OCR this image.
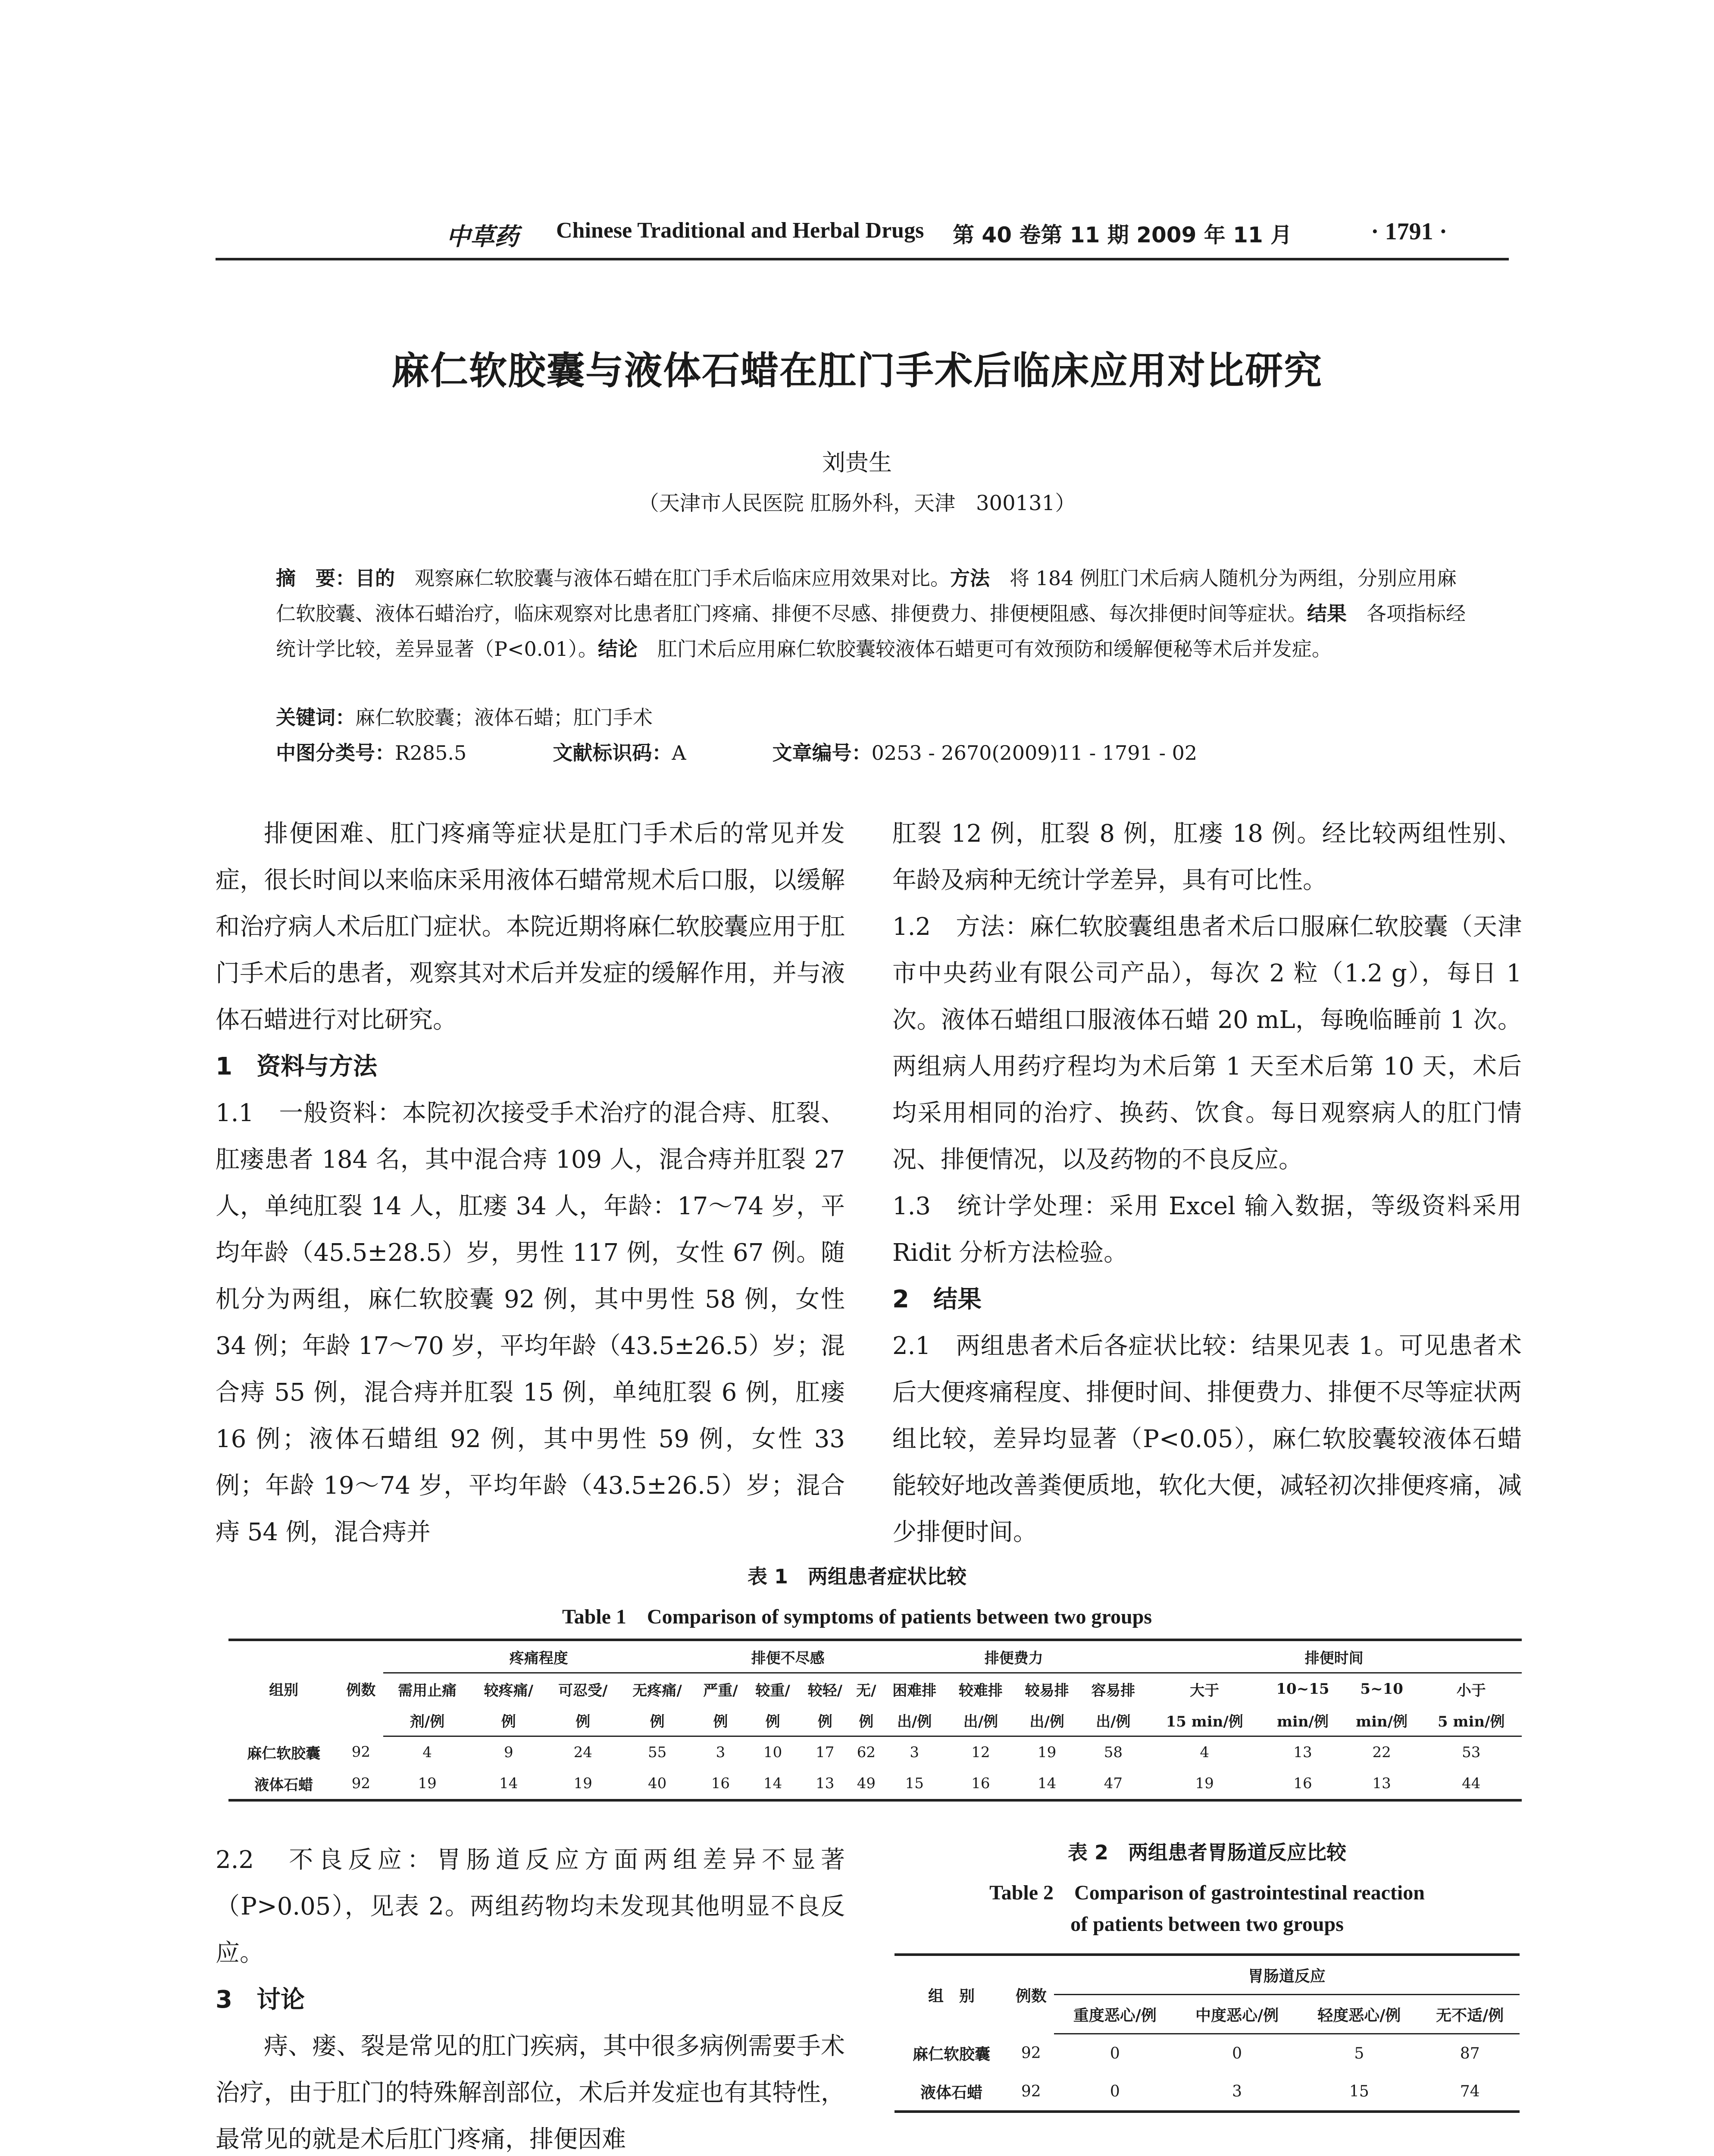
中草药 Chinese Traditional and Herbal Drugs 第 40 卷第 11 期 2009 年 11 月	· 1791 ·
麻仁软胶囊与液体石蜡在肛门手术后临床应用对比研究
刘贵生
（天津市人民医院 肛肠外科，天津　300131）
摘　要：目的　观察麻仁软胶囊与液体石蜡在肛门手术后临床应用效果对比。方法　将 184 例肛门术后病人随机分为两组，分别应用麻仁软胶囊、液体石蜡治疗，临床观察对比患者肛门疼痛、排便不尽感、排便费力、排便梗阻感、每次排便时间等症状。结果　各项指标经统计学比较，差异显著（P<0.01）。结论　肛门术后应用麻仁软胶囊较液体石蜡更可有效预防和缓解便秘等术后并发症。
关键词：麻仁软胶囊；液体石蜡；肛门手术
中图分类号：R285.5	文献标识码：A	文章编号：0253 - 2670(2009)11 - 1791 - 02

排便困难、肛门疼痛等症状是肛门手术后的常见并发症，很长时间以来临床采用液体石蜡常规术后口服，以缓解和治疗病人术后肛门症状。本院近期将麻仁软胶囊应用于肛门手术后的患者，观察其对术后并发症的缓解作用，并与液体石蜡进行对比研究。

1　资料与方法

1.1　一般资料：本院初次接受手术治疗的混合痔、肛裂、肛瘘患者 184 名，其中混合痔 109 人，混合痔并肛裂 27 人，单纯肛裂 14 人，肛瘘 34 人，年龄：17～74 岁，平均年龄（45.5±28.5）岁，男性 117 例，女性 67 例。随机分为两组，麻仁软胶囊 92 例，其中男性 58 例，女性 34 例；年龄 17～70 岁，平均年龄（43.5±26.5）岁；混合痔 55 例，混合痔并肛裂 15 例，单纯肛裂 6 例，肛瘘 16 例；液体石蜡组 92 例，其中男性 59 例，女性 33 例；年龄 19～74 岁，平均年龄（43.5±26.5）岁；混合痔 54 例，混合痔并

肛裂 12 例，肛裂 8 例，肛瘘 18 例。经比较两组性别、年龄及病种无统计学差异，具有可比性。

1.2　方法：麻仁软胶囊组患者术后口服麻仁软胶囊（天津市中央药业有限公司产品），每次 2 粒（1.2 g），每日 1 次。液体石蜡组口服液体石蜡 20 mL，每晚临睡前 1 次。两组病人用药疗程均为术后第 1 天至术后第 10 天，术后均采用相同的治疗、换药、饮食。每日观察病人的肛门情况、排便情况，以及药物的不良反应。

1.3　统计学处理：采用 Excel 输入数据，等级资料采用 Ridit 分析方法检验。

2　结果

2.1　两组患者术后各症状比较：结果见表 1。可见患者术后大便疼痛程度、排便时间、排便费力、排便不尽等症状两组比较，差异均显著（P<0.05），麻仁软胶囊较液体石蜡能较好地改善粪便质地，软化大便，减轻初次排便疼痛，减少排便时间。

表 1　两组患者症状比较
Table 1　Comparison of symptoms of patients between two groups
组别	例数	疼痛程度				排便不尽感				排便费力				排便时间			
		需用止痛	较疼痛/	可忍受/	无疼痛/	严重/	较重/	较轻/	无/	困难排	较难排	较易排	容易排	大于	10~15	5~10	小于
		剂/例	例	例	例	例	例	例	例	出/例	出/例	出/例	出/例	15 min/例	min/例	min/例	5 min/例
麻仁软胶囊	92	4	9	24	55	3	10	17	62	3	12	19	58	4	13	22	53
液体石蜡	92	19	14	19	40	16	14	13	49	15	16	14	47	19	16	13	44

2.2　不良反应：胃肠道反应方面两组差异不显著（P>0.05），见表 2。两组药物均未发现其他明显不良反应。

3　讨论

痔、瘘、裂是常见的肛门疾病，其中很多病例需要手术治疗，由于肛门的特殊解剖部位，术后并发症也有其特性，最常见的就是术后肛门疼痛，排便因难

表 2　两组患者胃肠道反应比较
Table 2　Comparison of gastrointestinal reaction
of patients between two groups
组　别	例数	胃肠道反应			
		重度恶心/例	中度恶心/例	轻度恶心/例	无不适/例
麻仁软胶囊	92	0	0	5	87
液体石蜡	92	0	3	15	74
